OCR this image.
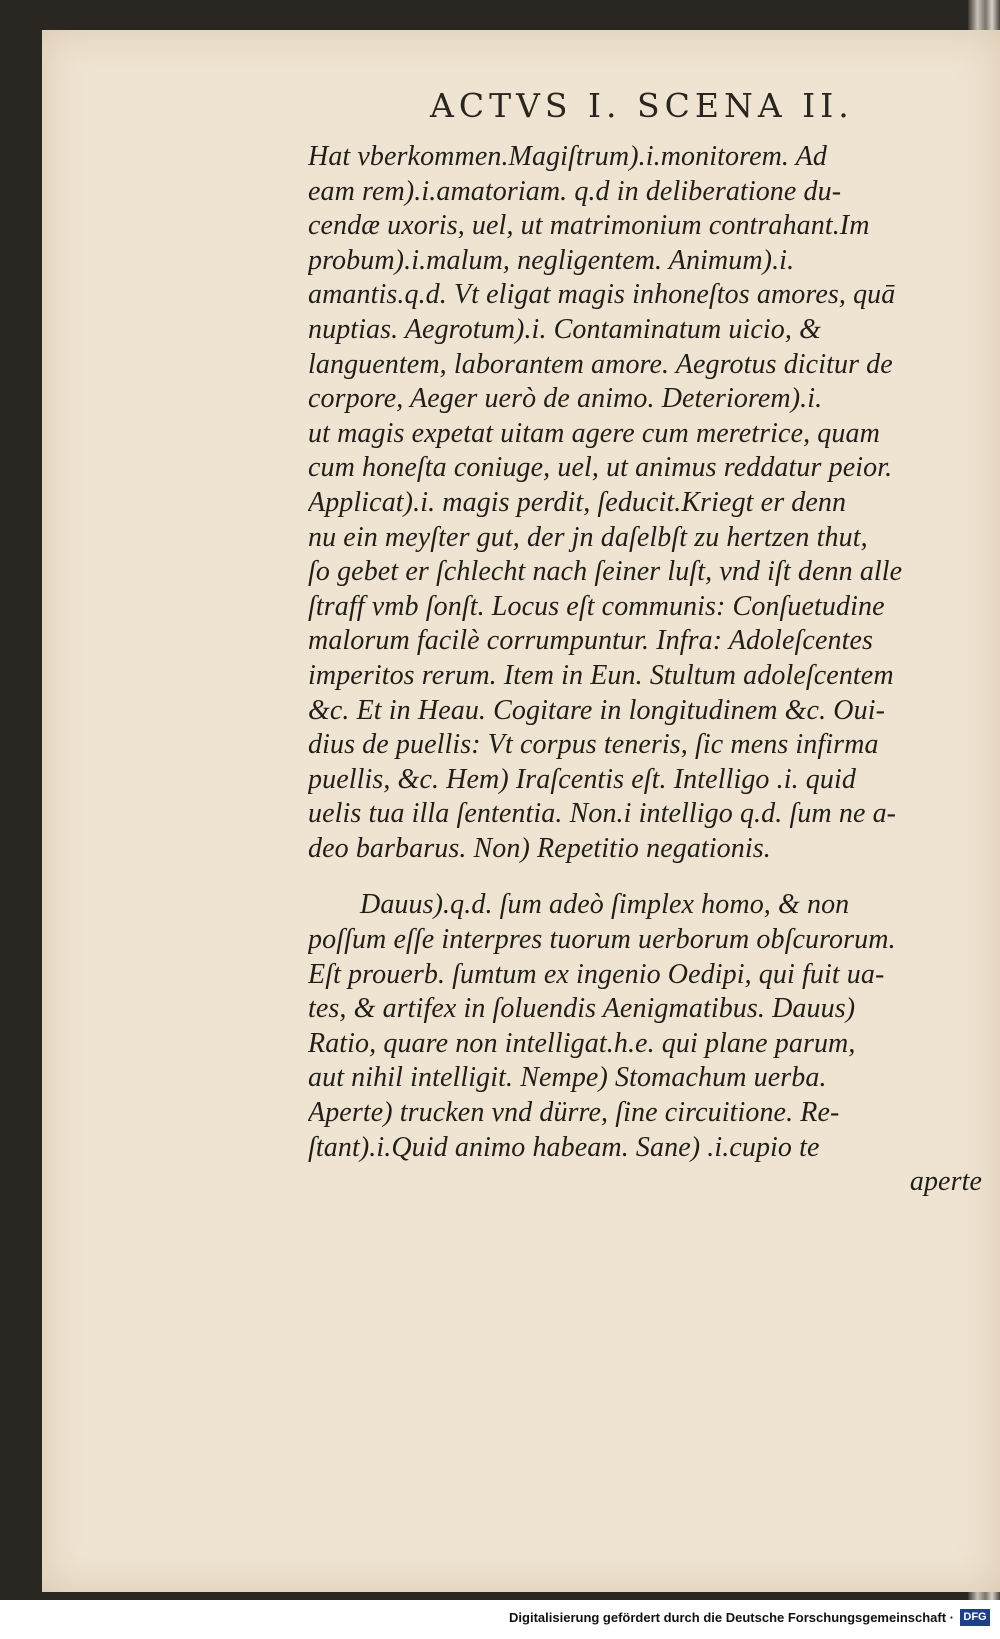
ACTVS I. SCENA II.
Hat vberkommen.Magiſtrum).i.monitorem. Ad
eam rem).i.amatoriam. q.d in deliberatione du-
cendæ uxoris, uel, ut matrimonium contrahant.Im
probum).i.malum, negligentem. Animum).i.
amantis.q.d. Vt eligat magis inhoneſtos amores, quā
nuptias. Aegrotum).i. Contaminatum uicio, &
languentem, laborantem amore. Aegrotus dicitur de
corpore, Aeger uerò de animo. Deteriorem).i.
ut magis expetat uitam agere cum meretrice, quam
cum honeſta coniuge, uel, ut animus reddatur peior.
Applicat).i. magis perdit, ſeducit.Kriegt er denn
nu ein meyſter gut, der jn daſelbſt zu hertzen thut,
ſo gebet er ſchlecht nach ſeiner luſt, vnd iſt denn alle
ſtraff vmb ſonſt. Locus eſt communis: Conſuetudine
malorum facilè corrumpuntur. Infra: Adoleſcentes
imperitos rerum. Item in Eun. Stultum adoleſcentem
&c. Et in Heau. Cogitare in longitudinem &c. Oui-
dius de puellis: Vt corpus teneris, ſic mens infirma
puellis, &c. Hem) Iraſcentis eſt. Intelligo .i. quid
uelis tua illa ſententia. Non.i intelligo q.d. ſum ne a-
deo barbarus. Non) Repetitio negationis.
Dauus).q.d. ſum adeò ſimplex homo, & non
poſſum eſſe interpres tuorum uerborum obſcurorum.
Eſt prouerb. ſumtum ex ingenio Oedipi, qui fuit ua-
tes, & artifex in ſoluendis Aenigmatibus. Dauus)
Ratio, quare non intelligat.h.e. qui plane parum,
aut nihil intelligit. Nempe) Stomachum uerba.
Aperte) trucken vnd dürre, ſine circuitione. Re-
ſtant).i.Quid animo habeam. Sane) .i.cupio te
aperte
Digitalisierung gefördert durch die Deutsche Forschungsgemeinschaft · DFG
